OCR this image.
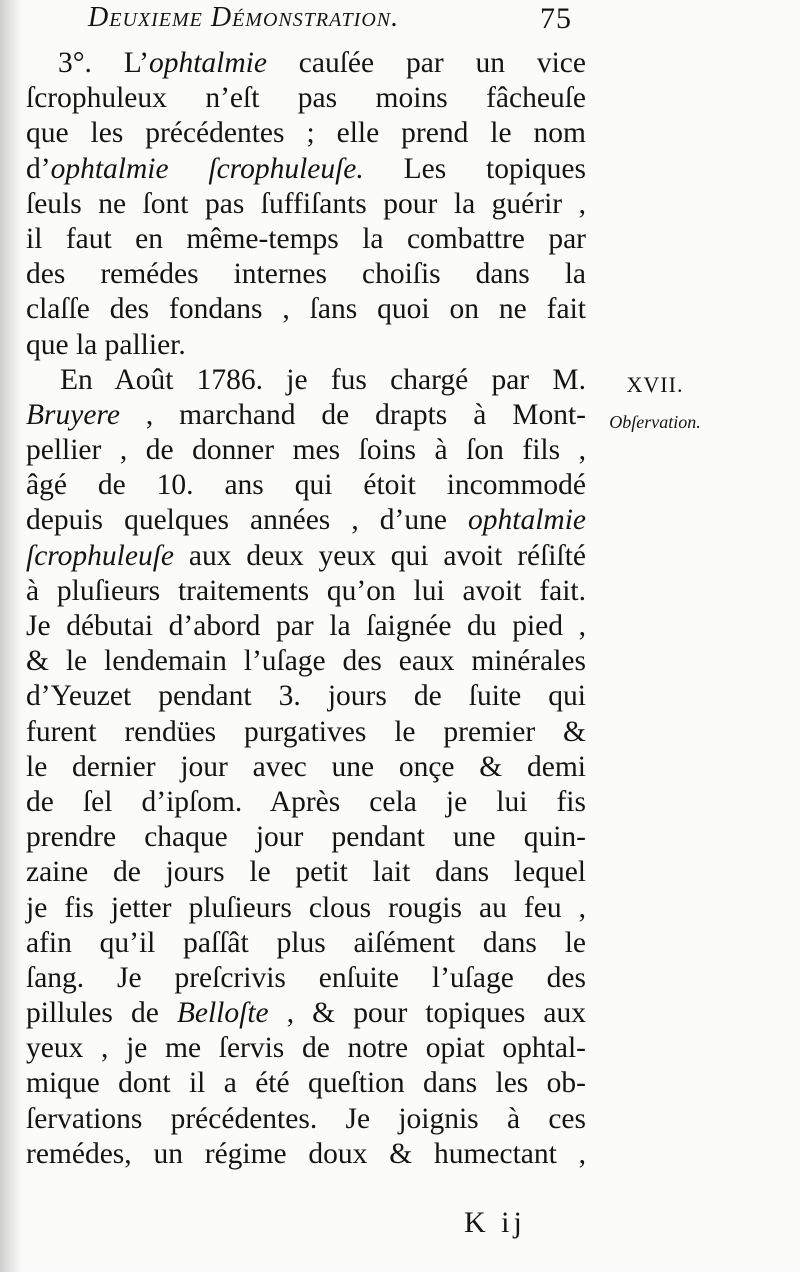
Deuxieme Démonstration.	75
3°. L’ophtalmie cauſée par un vice
ſcrophuleux n’eſt pas moins fâcheuſe
que les précédentes ; elle prend le nom
d’ophtalmie ſcrophuleuſe. Les topiques
ſeuls ne ſont pas ſuffiſants pour la guérir ,
il faut en même-temps la combattre par
des remédes internes choiſis dans la
claſſe des fondans , ſans quoi on ne fait
que la pallier.
En Août 1786. je fus chargé par M.
Bruyere , marchand de drapts à Mont-
pellier , de donner mes ſoins à ſon fils ,
âgé de 10. ans qui étoit incommodé
depuis quelques années , d’une ophtalmie
ſcrophuleuſe aux deux yeux qui avoit réſiſté
à pluſieurs traitements qu’on lui avoit fait.
Je débutai d’abord par la ſaignée du pied ,
& le lendemain l’uſage des eaux minérales
d’Yeuzet pendant 3. jours de ſuite qui
furent rendües purgatives le premier &
le dernier jour avec une onçe & demi
de ſel d’ipſom. Après cela je lui fis
prendre chaque jour pendant une quin-
zaine de jours le petit lait dans lequel
je fis jetter pluſieurs clous rougis au feu ,
afin qu’il paſſât plus aiſément dans le
ſang. Je preſcrivis enſuite l’uſage des
pillules de Belloſte , & pour topiques aux
yeux , je me ſervis de notre opiat ophtal-
mique dont il a été queſtion dans les ob-
ſervations précédentes. Je joignis à ces
remédes, un régime doux & humectant ,
XVII.
Obſervation.
K ij
